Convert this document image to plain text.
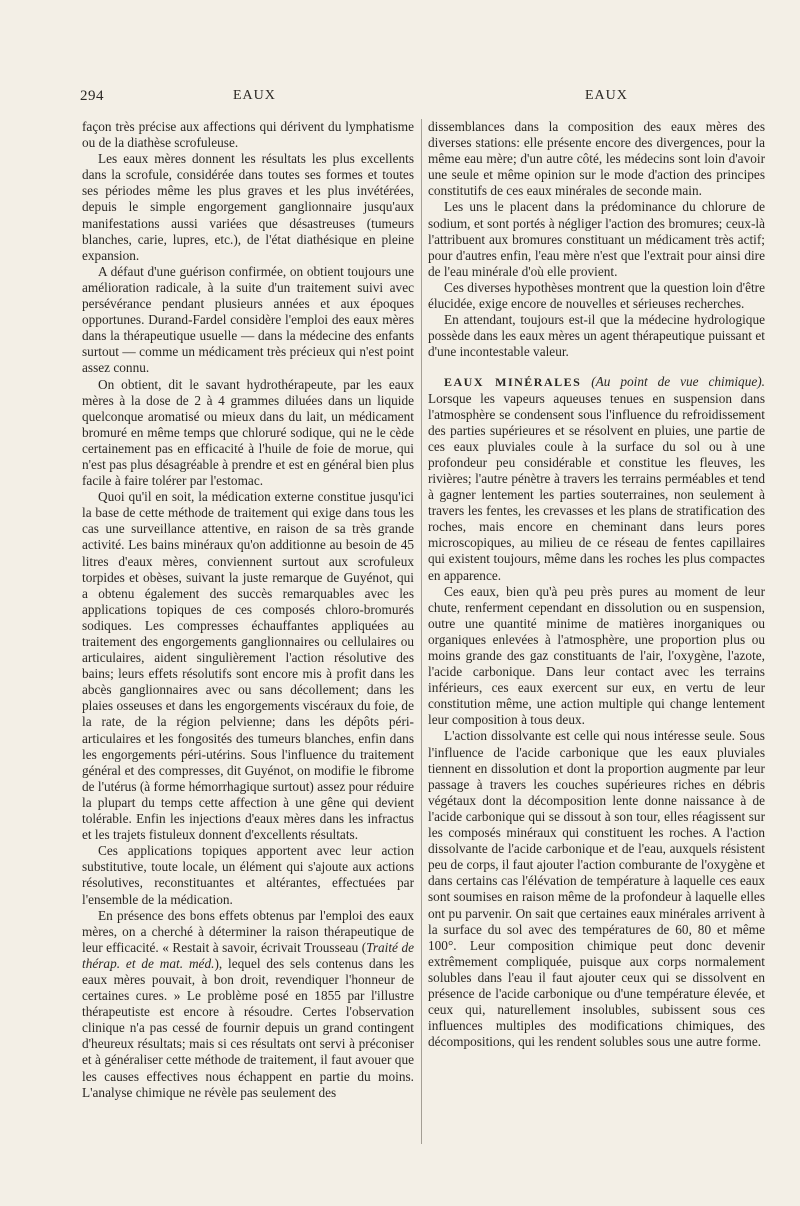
294	EAUX	EAUX

façon très précise aux affections qui dérivent du lymphatisme ou de la diathèse scrofuleuse.

Les eaux mères donnent les résultats les plus excellents dans la scrofule, considérée dans toutes ses formes et toutes ses périodes même les plus graves et les plus invétérées, depuis le simple engorgement ganglionnaire jusqu'aux manifestations aussi variées que désastreuses (tumeurs blanches, carie, lupres, etc.), de l'état diathésique en pleine expansion.

A défaut d'une guérison confirmée, on obtient toujours une amélioration radicale, à la suite d'un traitement suivi avec persévérance pendant plusieurs années et aux époques opportunes. Durand-Fardel considère l'emploi des eaux mères dans la thérapeutique usuelle — dans la médecine des enfants surtout — comme un médicament très précieux qui n'est point assez connu.

On obtient, dit le savant hydrothérapeute, par les eaux mères à la dose de 2 à 4 grammes diluées dans un liquide quelconque aromatisé ou mieux dans du lait, un médicament bromuré en même temps que chloruré sodique, qui ne le cède certainement pas en efficacité à l'huile de foie de morue, qui n'est pas plus désagréable à prendre et est en général bien plus facile à faire tolérer par l'estomac.

Quoi qu'il en soit, la médication externe constitue jusqu'ici la base de cette méthode de traitement qui exige dans tous les cas une surveillance attentive, en raison de sa très grande activité. Les bains minéraux qu'on additionne au besoin de 45 litres d'eaux mères, conviennent surtout aux scrofuleux torpides et obèses, suivant la juste remarque de Guyénot, qui a obtenu également des succès remarquables avec les applications topiques de ces composés chloro-bromurés sodiques. Les compresses échauffantes appliquées au traitement des engorgements ganglionnaires ou cellulaires ou articulaires, aident singulièrement l'action résolutive des bains; leurs effets résolutifs sont encore mis à profit dans les abcès ganglionnaires avec ou sans décollement; dans les plaies osseuses et dans les engorgements viscéraux du foie, de la rate, de la région pelvienne; dans les dépôts péri-articulaires et les fongosités des tumeurs blanches, enfin dans les engorgements péri-utérins. Sous l'influence du traitement général et des compresses, dit Guyénot, on modifie le fibrome de l'utérus (à forme hémorrhagique surtout) assez pour réduire la plupart du temps cette affection à une gêne qui devient tolérable. Enfin les injections d'eaux mères dans les infractus et les trajets fistuleux donnent d'excellents résultats.

Ces applications topiques apportent avec leur action substitutive, toute locale, un élément qui s'ajoute aux actions résolutives, reconstituantes et altérantes, effectuées par l'ensemble de la médication.

En présence des bons effets obtenus par l'emploi des eaux mères, on a cherché à déterminer la raison thérapeutique de leur efficacité. « Restait à savoir, écrivait Trousseau (Traité de thérap. et de mat. méd.), lequel des sels contenus dans les eaux mères pouvait, à bon droit, revendiquer l'honneur de certaines cures. » Le problème posé en 1855 par l'illustre thérapeutiste est encore à résoudre. Certes l'observation clinique n'a pas cessé de fournir depuis un grand contingent d'heureux résultats; mais si ces résultats ont servi à préconiser et à généraliser cette méthode de traitement, il faut avouer que les causes effectives nous échappent en partie du moins. L'analyse chimique ne révèle pas seulement des

dissemblances dans la composition des eaux mères des diverses stations: elle présente encore des divergences, pour la même eau mère; d'un autre côté, les médecins sont loin d'avoir une seule et même opinion sur le mode d'action des principes constitutifs de ces eaux minérales de seconde main.

Les uns le placent dans la prédominance du chlorure de sodium, et sont portés à négliger l'action des bromures; ceux-là l'attribuent aux bromures constituant un médicament très actif; pour d'autres enfin, l'eau mère n'est que l'extrait pour ainsi dire de l'eau minérale d'où elle provient.

Ces diverses hypothèses montrent que la question loin d'être élucidée, exige encore de nouvelles et sérieuses recherches.

En attendant, toujours est-il que la médecine hydrologique possède dans les eaux mères un agent thérapeutique puissant et d'une incontestable valeur.

EAUX MINÉRALES (Au point de vue chimique). Lorsque les vapeurs aqueuses tenues en suspension dans l'atmosphère se condensent sous l'influence du refroidissement des parties supérieures et se résolvent en pluies, une partie de ces eaux pluviales coule à la surface du sol ou à une profondeur peu considérable et constitue les fleuves, les rivières; l'autre pénètre à travers les terrains perméables et tend à gagner lentement les parties souterraines, non seulement à travers les fentes, les crevasses et les plans de stratification des roches, mais encore en cheminant dans leurs pores microscopiques, au milieu de ce réseau de fentes capillaires qui existent toujours, même dans les roches les plus compactes en apparence.

Ces eaux, bien qu'à peu près pures au moment de leur chute, renferment cependant en dissolution ou en suspension, outre une quantité minime de matières inorganiques ou organiques enlevées à l'atmosphère, une proportion plus ou moins grande des gaz constituants de l'air, l'oxygène, l'azote, l'acide carbonique. Dans leur contact avec les terrains inférieurs, ces eaux exercent sur eux, en vertu de leur constitution même, une action multiple qui change lentement leur composition à tous deux.

L'action dissolvante est celle qui nous intéresse seule. Sous l'influence de l'acide carbonique que les eaux pluviales tiennent en dissolution et dont la proportion augmente par leur passage à travers les couches supérieures riches en débris végétaux dont la décomposition lente donne naissance à de l'acide carbonique qui se dissout à son tour, elles réagissent sur les composés minéraux qui constituent les roches. A l'action dissolvante de l'acide carbonique et de l'eau, auxquels résistent peu de corps, il faut ajouter l'action comburante de l'oxygène et dans certains cas l'élévation de température à laquelle ces eaux sont soumises en raison même de la profondeur à laquelle elles ont pu parvenir. On sait que certaines eaux minérales arrivent à la surface du sol avec des températures de 60, 80 et même 100°. Leur composition chimique peut donc devenir extrêmement compliquée, puisque aux corps normalement solubles dans l'eau il faut ajouter ceux qui se dissolvent en présence de l'acide carbonique ou d'une température élevée, et ceux qui, naturellement insolubles, subissent sous ces influences multiples des modifications chimiques, des décompositions, qui les rendent solubles sous une autre forme.
